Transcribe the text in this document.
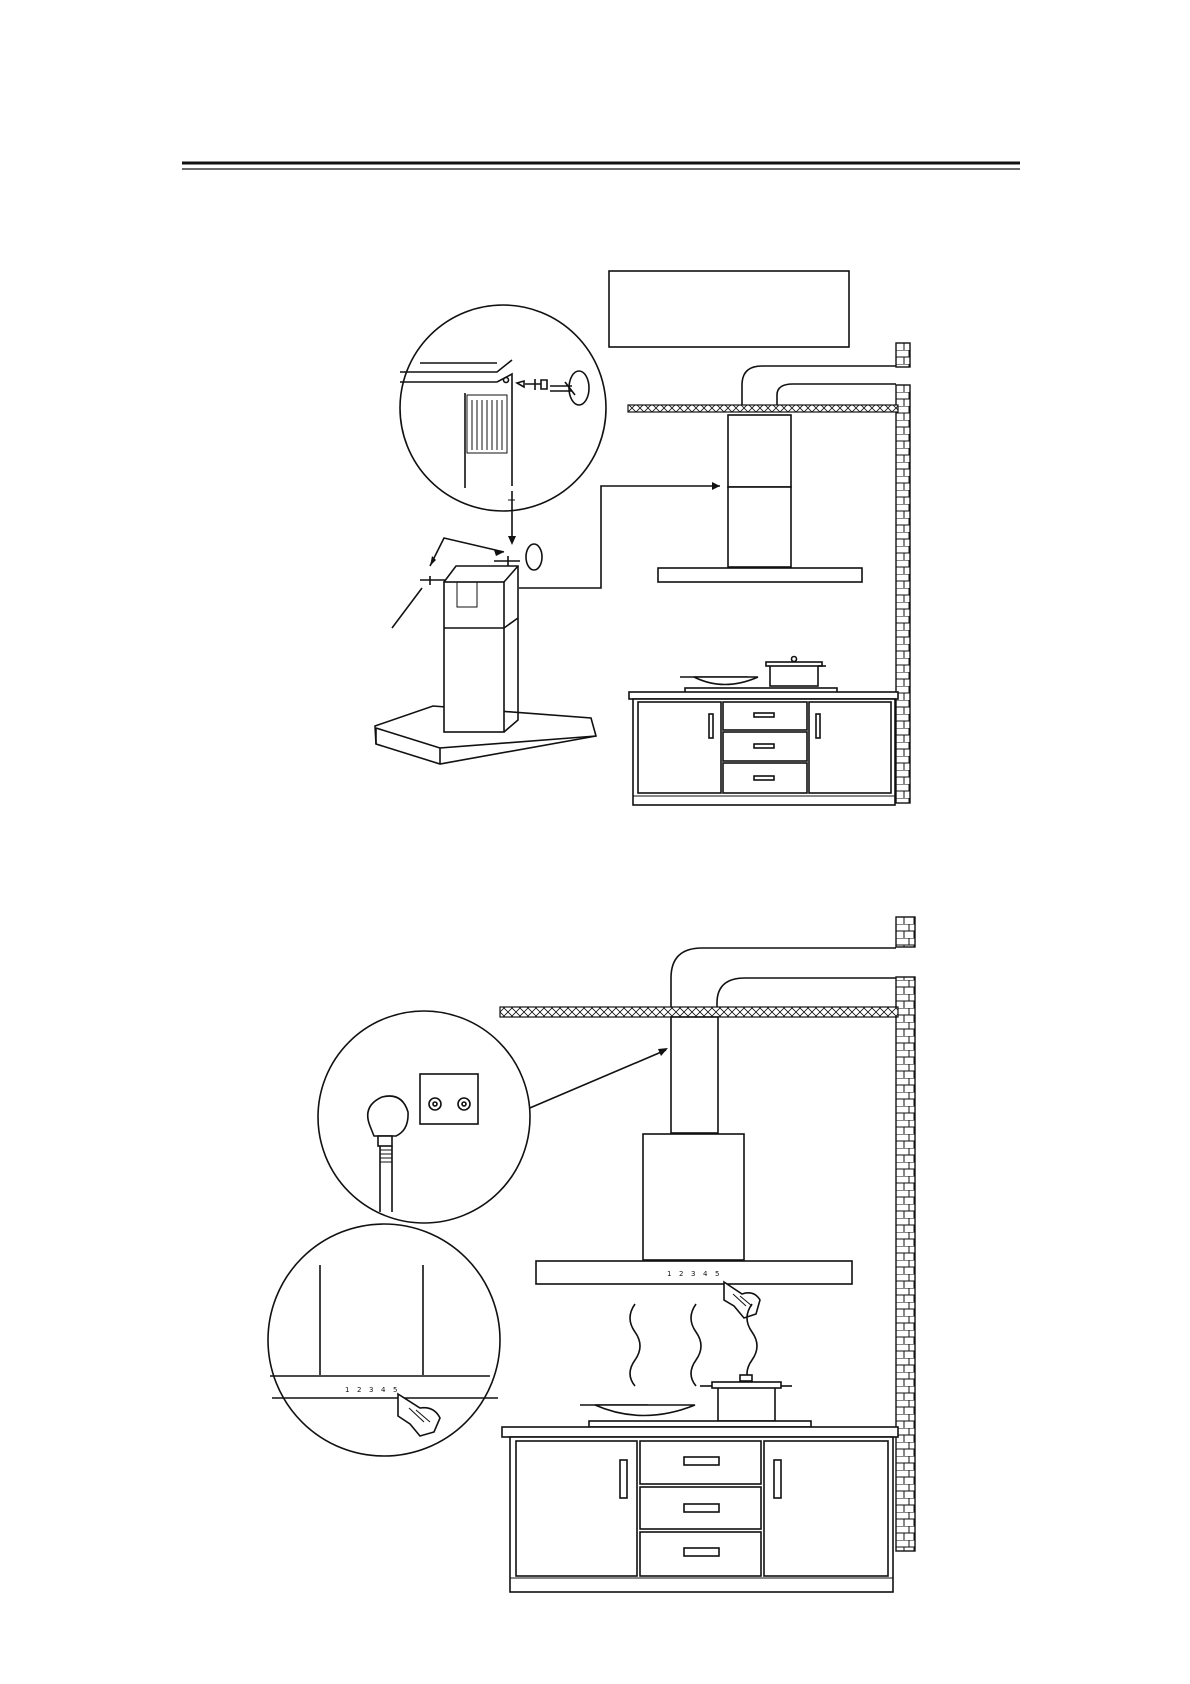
1 2 3 4 5
1 2 3 4 5
